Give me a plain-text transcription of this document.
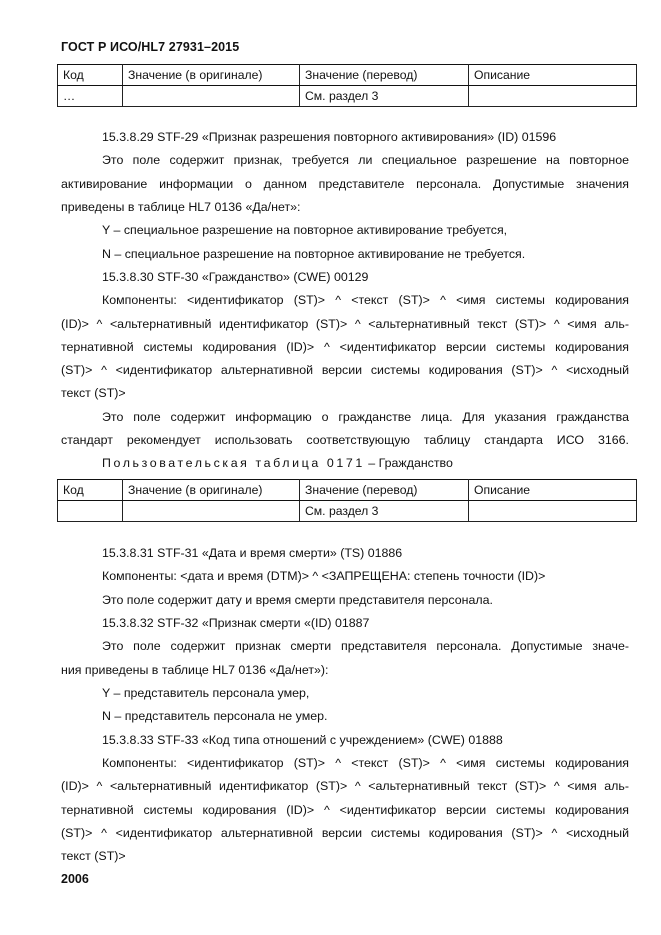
ГОСТ Р ИСО/HL7 27931–2015
Код	Значение (в оригинале)	Значение (перевод)	Описание
…		См. раздел 3	
15.3.8.29 STF-29 «Признак разрешения повторного активирования» (ID) 01596
Это поле содержит признак, требуется ли специальное разрешение на повторное
активирование информации о данном представителе персонала. Допустимые значения
приведены в таблице HL7 0136 «Да/нет»:
Y – специальное разрешение на повторное активирование требуется,
N – специальное разрешение на повторное активирование не требуется.
15.3.8.30 STF-30 «Гражданство» (CWE) 00129
Компоненты: <идентификатор (ST)> ^ <текст (ST)> ^ <имя системы кодирования
(ID)> ^ <альтернативный идентификатор (ST)> ^ <альтернативный текст (ST)> ^ <имя аль-
тернативной системы кодирования (ID)> ^ <идентификатор версии системы кодирования
(ST)> ^ <идентификатор альтернативной версии системы кодирования (ST)> ^ <исходный
текст (ST)>
Это поле содержит информацию о гражданстве лица. Для указания гражданства
стандарт рекомендует использовать соответствующую таблицу стандарта ИСО 3166.
Пользовательская таблица 0171 – Гражданство
Код	Значение (в оригинале)	Значение (перевод)	Описание
		См. раздел 3	
15.3.8.31 STF-31 «Дата и время смерти» (TS) 01886
Компоненты: <дата и время (DTM)> ^ <ЗАПРЕЩЕНА: степень точности (ID)>
Это поле содержит дату и время смерти представителя персонала.
15.3.8.32 STF-32 «Признак смерти «(ID) 01887
Это поле содержит признак смерти представителя персонала. Допустимые значе-
ния приведены в таблице HL7 0136 «Да/нет»):
Y – представитель персонала умер,
N – представитель персонала не умер.
15.3.8.33 STF-33 «Код типа отношений с учреждением» (CWE) 01888
Компоненты: <идентификатор (ST)> ^ <текст (ST)> ^ <имя системы кодирования
(ID)> ^ <альтернативный идентификатор (ST)> ^ <альтернативный текст (ST)> ^ <имя аль-
тернативной системы кодирования (ID)> ^ <идентификатор версии системы кодирования
(ST)> ^ <идентификатор альтернативной версии системы кодирования (ST)> ^ <исходный
текст (ST)>
2006
